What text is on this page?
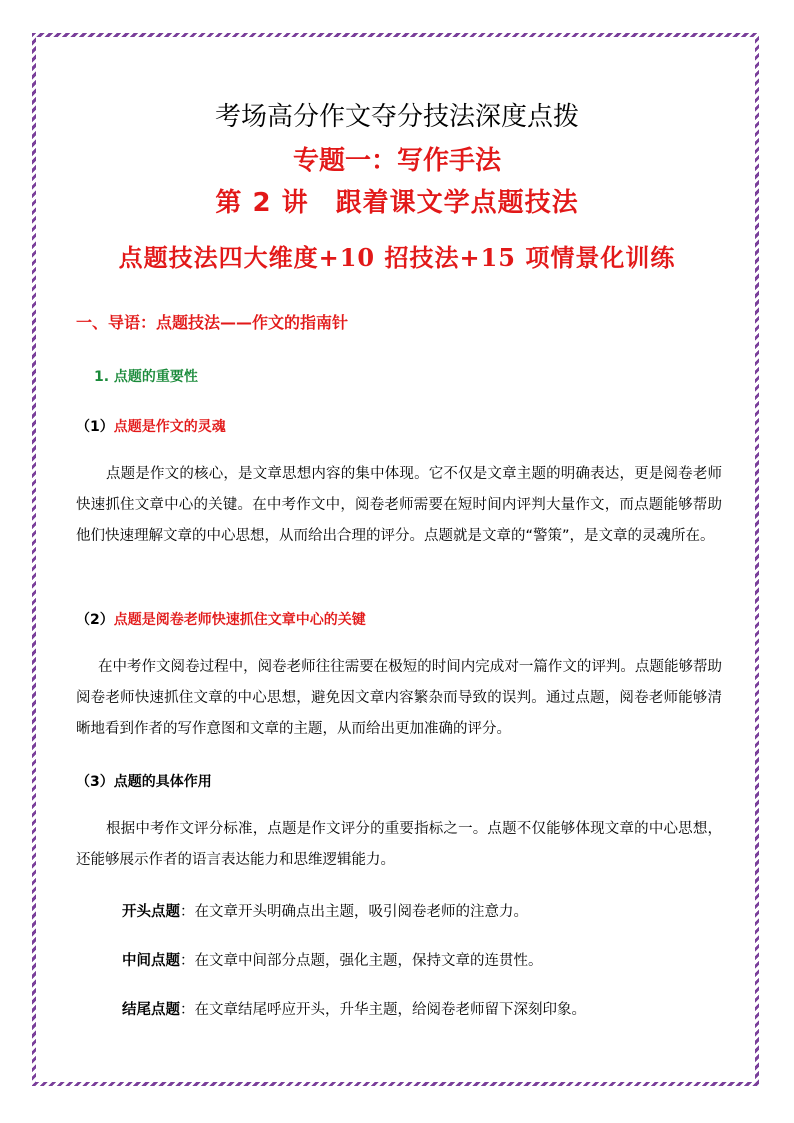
考场高分作文夺分技法深度点拨
专题一：写作手法
第 2 讲　跟着课文学点题技法
点题技法四大维度+10 招技法+15 项情景化训练
一、导语：点题技法——作文的指南针
1. 点题的重要性
（1）点题是作文的灵魂
点题是作文的核心，是文章思想内容的集中体现。它不仅是文章主题的明确表达，更是阅卷老师快速抓住文章中心的关键。在中考作文中，阅卷老师需要在短时间内评判大量作文，而点题能够帮助他们快速理解文章的中心思想，从而给出合理的评分。点题就是文章的“警策”，是文章的灵魂所在。
（2）点题是阅卷老师快速抓住文章中心的关键
在中考作文阅卷过程中，阅卷老师往往需要在极短的时间内完成对一篇作文的评判。点题能够帮助阅卷老师快速抓住文章的中心思想，避免因文章内容繁杂而导致的误判。通过点题，阅卷老师能够清晰地看到作者的写作意图和文章的主题，从而给出更加准确的评分。
（3）点题的具体作用
根据中考作文评分标准，点题是作文评分的重要指标之一。点题不仅能够体现文章的中心思想，还能够展示作者的语言表达能力和思维逻辑能力。
开头点题：在文章开头明确点出主题，吸引阅卷老师的注意力。
中间点题：在文章中间部分点题，强化主题，保持文章的连贯性。
结尾点题：在文章结尾呼应开头，升华主题，给阅卷老师留下深刻印象。
